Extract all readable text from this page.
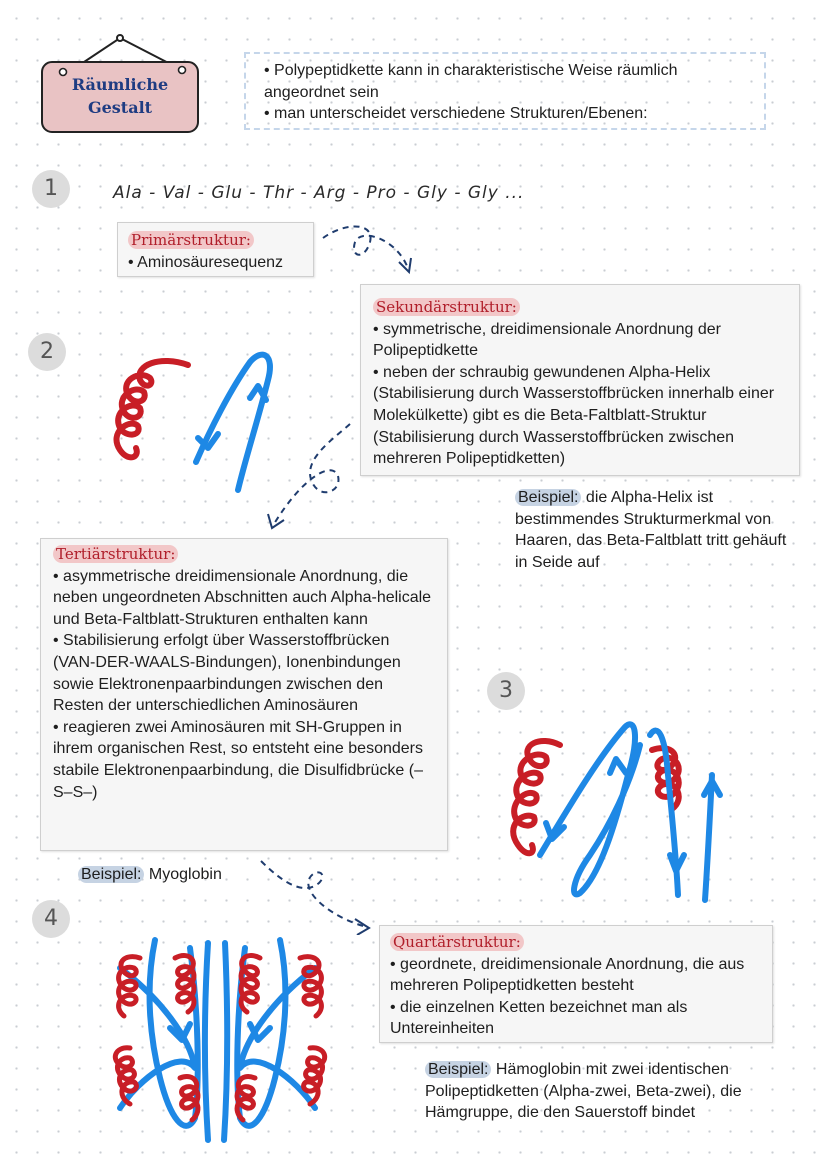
Räumliche
Gestalt

• Polypeptidkette kann in charakteristische Weise räumlich angeordnet sein

• man unterscheidet verschiedene Strukturen/Ebenen:

1	Ala - Val - Glu - Thr - Arg - Pro - Gly - Gly ...

Primärstruktur:

• Aminosäuresequenz

2

Sekundärstruktur:

• symmetrische, dreidimensionale Anordnung der Polipeptidkette

• neben der schraubig gewundenen Alpha-Helix (Stabilisierung durch Wasserstoffbrücken innerhalb einer Molekülkette) gibt es die Beta-Faltblatt-Struktur (Stabilisierung durch Wasserstoffbrücken zwischen mehreren Polipeptidketten)

Beispiel: die Alpha-Helix ist bestimmendes Strukturmerkmal von Haaren, das Beta-Faltblatt tritt gehäuft in Seide auf

Tertiärstruktur:

• asymmetrische dreidimensionale Anordnung, die neben ungeordneten Abschnitten auch Alpha-helicale und Beta-Faltblatt-Strukturen enthalten kann

• Stabilisierung erfolgt über Wasserstoffbrücken (VAN-DER-WAALS-Bindungen), Ionenbindungen sowie Elektronenpaarbindungen zwischen den Resten der unterschiedlichen Aminosäuren

• reagieren zwei Aminosäuren mit SH-Gruppen in ihrem organischen Rest, so entsteht eine besonders stabile Elektronenpaarbindung, die Disulfidbrücke (–S–S–)

Beispiel: Myoglobin
3
4

Quartärstruktur:

• geordnete, dreidimensionale Anordnung, die aus mehreren Polipeptidketten besteht

• die einzelnen Ketten bezeichnet man als Untereinheiten

Beispiel: Hämoglobin mit zwei identischen Polipeptidketten (Alpha-zwei, Beta-zwei), die Hämgruppe, die den Sauerstoff bindet
